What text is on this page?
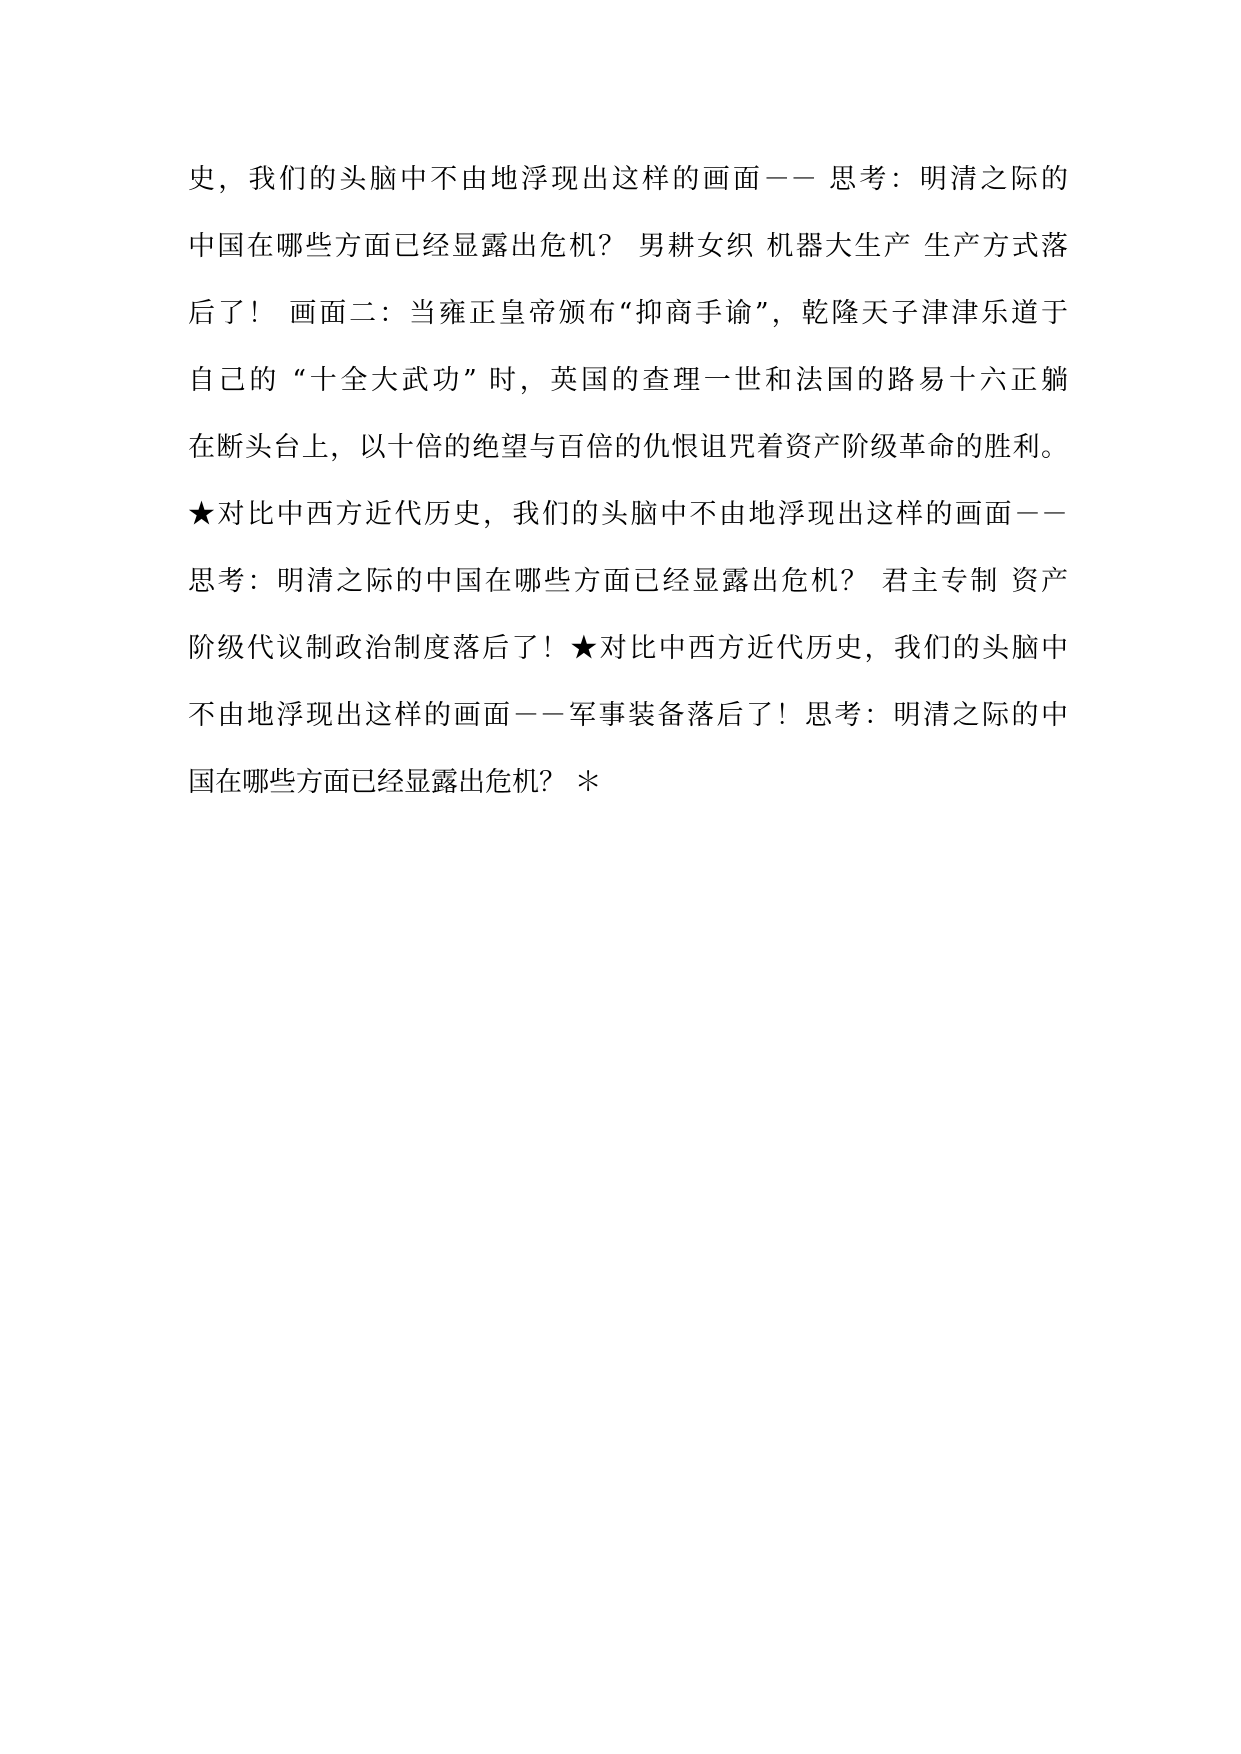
史，我们的头脑中不由地浮现出这样的画面－－ 思考：明清之际的
中国在哪些方面已经显露出危机？ 男耕女织 机器大生产 生产方式落
后了！ 画面二：当雍正皇帝颁布“抑商手谕”，乾隆天子津津乐道于
自己的 “十全大武功” 时，英国的查理一世和法国的路易十六正躺
在断头台上，以十倍的绝望与百倍的仇恨诅咒着资产阶级革命的胜利。
★对比中西方近代历史，我们的头脑中不由地浮现出这样的画面－－
思考：明清之际的中国在哪些方面已经显露出危机？ 君主专制 资产
阶级代议制政治制度落后了！★对比中西方近代历史，我们的头脑中
不由地浮现出这样的画面－－军事装备落后了！思考：明清之际的中
国在哪些方面已经显露出危机？ ＊
